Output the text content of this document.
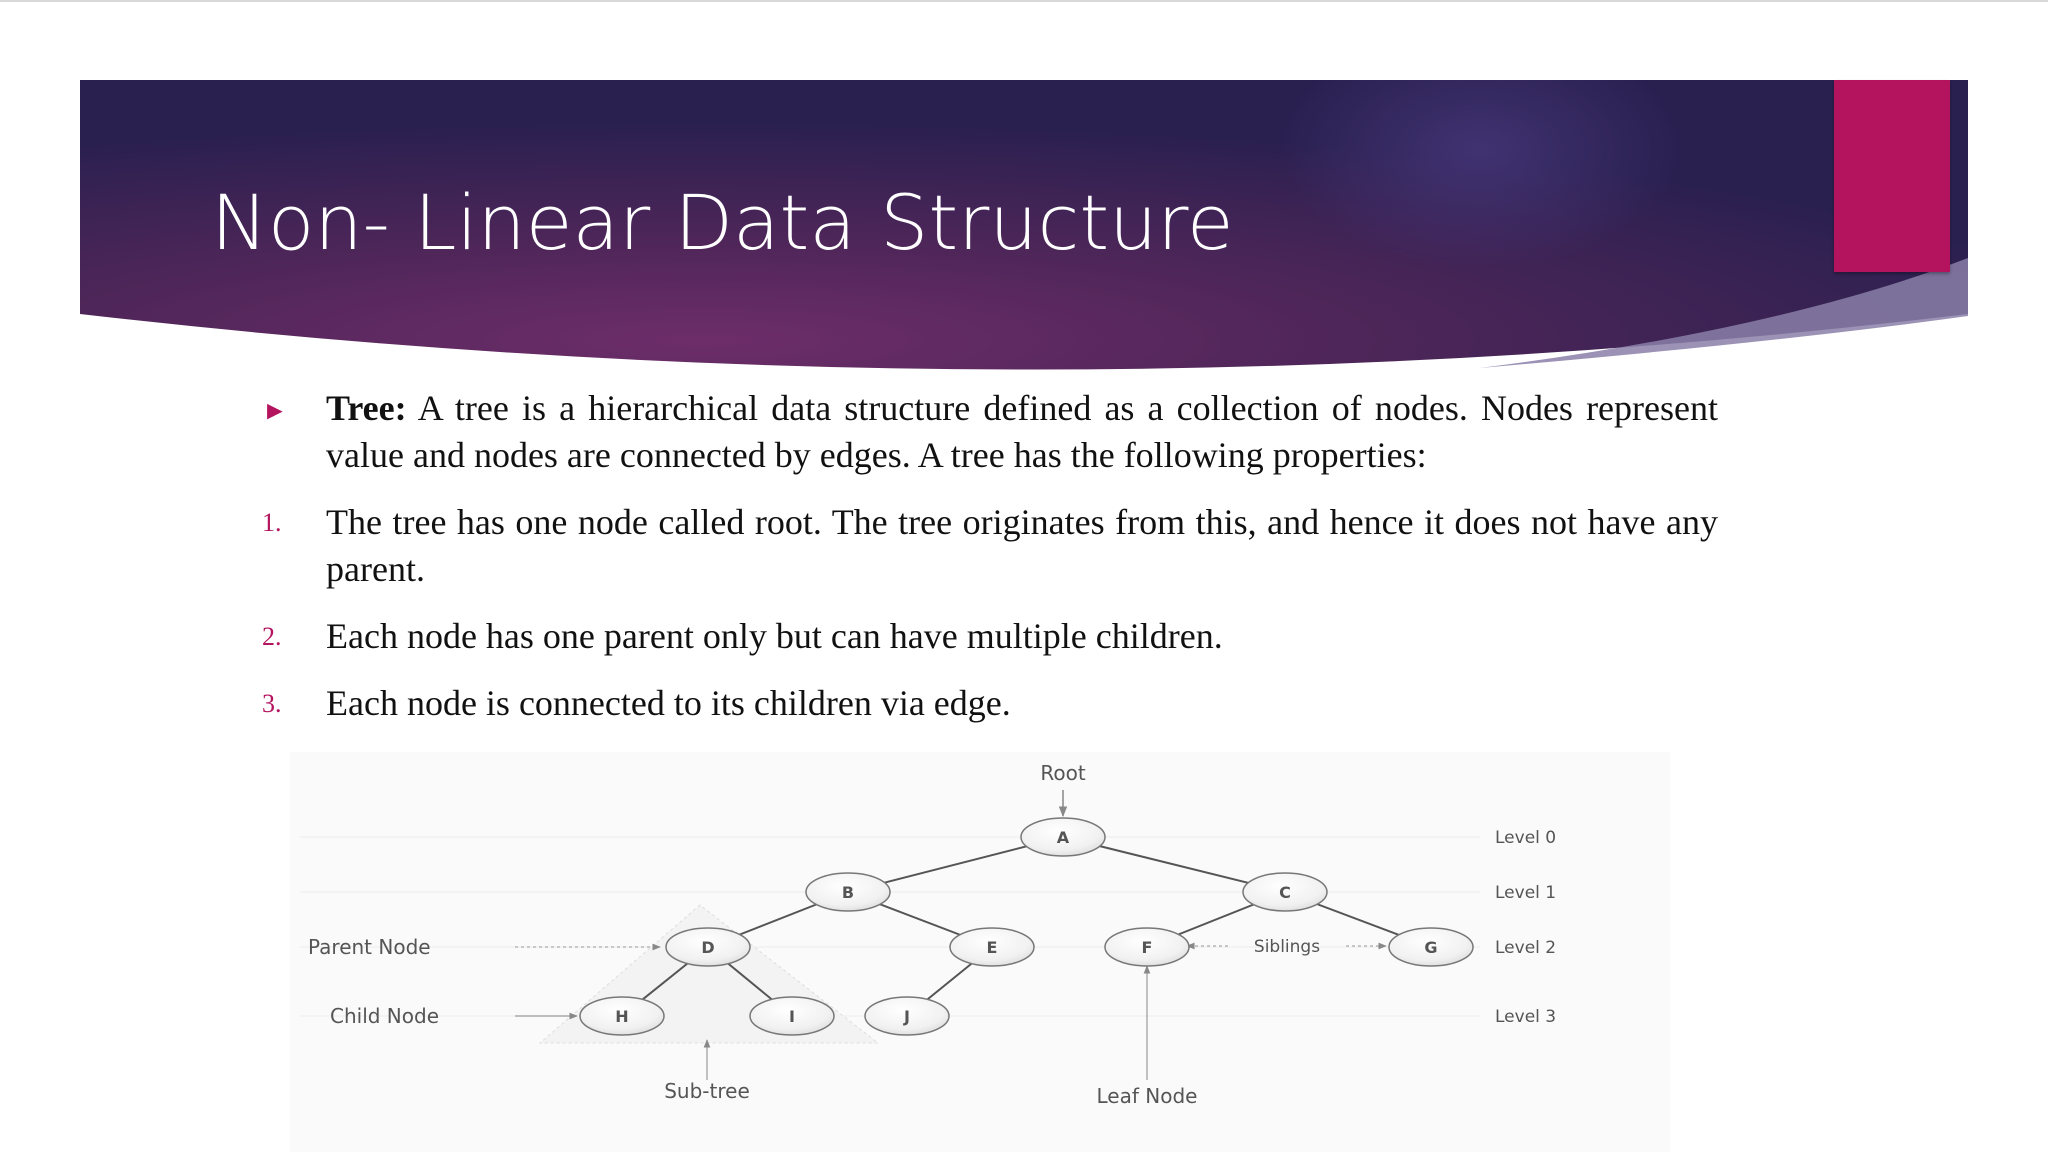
Non- Linear Data Structure
► Tree: A tree is a hierarchical data structure defined as a collection of nodes. Nodes represent value and nodes are connected by edges. A tree has the following properties:
1. The tree has one node called root. The tree originates from this, and hence it does not have any parent.
2. Each node has one parent only but can have multiple children.
3. Each node is connected to its children via edge.
Root
Parent Node
Child Node
Siblings
Sub-tree	Leaf Node
A
B	C
D	E	F	G
H	I	J
Level 0
Level 1
Level 2
Level 3
